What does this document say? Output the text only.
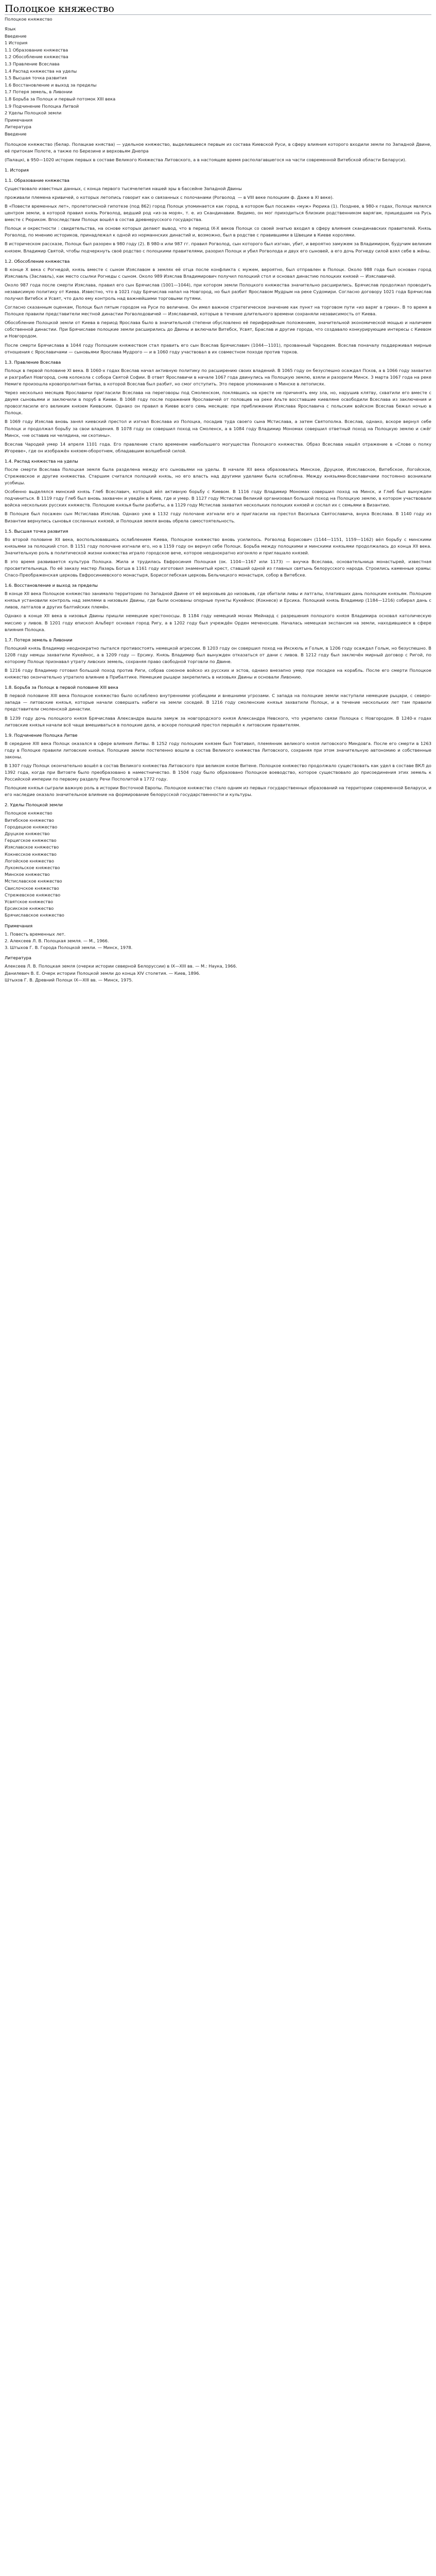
Полоцкое княжество
Полоцкое княжество
Язык
Введение
1 Истори‌я
1.1 Образование княжества
1.2 Обособление княжества
1.3 Правление Всеслава
1.4 Распад княжества на уделы
1.5 Высшая точка развития
1.6 Восстановление и выход за пределы
1.7 Потеря земель, в Ливонии
1.8 Борьба за Полоцк и первый потомок XIII века
1.9 Подчинение Полоцка Литвой
2 Уделы Полоцкой земли
Примечания
Литература
Введение

Полоцкое княжество (белар. Полацкае княства) — удельное княжество, выделившееся первым из состава Киевской Руси, в сферу влияния которого входили земли по Западной Двине, её притокам Полоте, а также по Березине и верховьям Днепра

(Палацкі, в 950—1020 историк первых в составе Великого Княжества Литовского, а в настоящее время располагавшегося на части современной Витебской области Беларуси).

1. История
1.1. Образование княжества

Существовало известных данных, с конца первого тысячелетия нашей эры в бассейне Западной Двины

проживали племена кривичей, о которых летопись говорит как о связанных с полочанами (Рогволод ⁠ — в VIII веке полоцким ф. Даже в XI веке).

В «Повести временных лет», пролетописной гипотезе (под 862) город Полоцк упоминается как город, в котором был посажен «муж» Рюрика (1). Позднее, в 980-х годах, Полоцк являлся центром земли, в которой правил князь Рогволод, ведший род «из-за моря», т. е. из Скандинавии. Видимо, он мог приходиться близким родственником варягам, пришедшим на Русь вместе с Рюриком. Впоследствии Полоцк вошёл в состав древнерусского государства.

Полоцк и окрестности : свидетельства, на основе которых делают вывод, что в период IX-X веков Полоцк со своей знатью входил в сферу влияния скандинавских правителей. Князь Рогволод, по мнению историков, принадлежал к одной из норманнских династий и, возможно, был в родстве с правившими в Швеции в Киеве королями.

В историческом рассказе, Полоцк был разорен в 980 году (2). В 980-х или 987 гг. правил Рогволод, сын которого был изгнан, убит, и вероятно замужем за Владимиром, будучим великим князем. Владимир Святой, чтобы подчеркнуть своё родство с полоцкими правителями, разорил Полоцк и убил Рогволода и двух его сыновей, а его дочь Рогнеду силой взял себе в жёны.

1.2. Обособление княжества

В конце X века с Рогнедой, князь вместе с сыном Изяславом в землях её отца после конфликта с мужем, вероятно, был отправлен в Полоцк. Около 988 года был основан город Изяславль (Заславль), как место ссылки Рогнеды с сыном. Около 989 Изяслав Владимирович получил полоцкий стол и основал династию полоцких князей — Изяславичей.

Около 987 года после смерти Изяслава, правил его сын Брячислав (1001—1044), при котором земли Полоцкого княжества значительно расширились. Брячислав продолжал проводить независимую политику от Киева. Известно, что в 1021 году Брячислав напал на Новгород, но был разбит Ярославом Мудрым на реке Судомири. Согласно договору 1021 года Брячислав получил Витебск и Усвят, что дало ему контроль над важнейшими торговыми путями.

Согласно сказанным оценкам, Полоцк был пятым городом на Руси по величине. Он имел важное стратегическое значение как пункт на торговом пути «из варяг в греки». В то время в Полоцке правили представители местной династии Рогволодовичей — Изяславичей, которые в течение длительного времени сохраняли независимость от Киева.

Обособление Полоцкой земли от Киева в период Ярослава было в значительной степени обусловлено её периферийным положением, значительной экономической мощью и наличием собственной династии. При Брячиславе полоцкие земли расширились до Двины и включали Витебск, Усвят, Браслав и другие города, что создавало конкурирующие интересы с Киевом и Новгородом.

После смерти Брячислава в 1044 году Полоцким княжеством стал править его сын Всеслав Брячиславич (1044—1101), прозванный Чародеем. Всеслав поначалу поддерживал мирные отношения с Ярославичами — сыновьями Ярослава Мудрого — и в 1060 году участвовал в их совместном походе против торков.

1.3. Правление Всеслава

Полоцк в первой половине XI века. В 1060-х годах Всеслав начал активную политику по расширению своих владений. В 1065 году он безуспешно осаждал Псков, а в 1066 году захватил и разграбил Новгород, сняв колокола с собора Святой Софии. В ответ Ярославичи в начале 1067 года двинулись на Полоцкую землю, взяли и разорили Минск. 3 марта 1067 года на реке Немиге произошла кровопролитная битва, в которой Всеслав был разбит, но смог отступить. Это первое упоминание о Минске в летописях.

Через несколько месяцев Ярославичи пригласили Всеслава на переговоры под Смоленском, поклявшись на кресте не причинять ему зла, но, нарушив клятву, схватили его вместе с двумя сыновьями и заключили в поруб в Киеве. В 1068 году после поражения Ярославичей от половцев на реке Альте восставшие киевляне освободили Всеслава из заключения и провозгласили его великим князем Киевским. Однако он правил в Киеве всего семь месяцев: при приближении Изяслава Ярославича с польским войском Всеслав бежал ночью в Полоцк.

В 1069 году Изяслав вновь занял киевский престол и изгнал Всеслава из Полоцка, посадив туда своего сына Мстислава, а затем Святополка. Всеслав, однако, вскоре вернул себе Полоцк и продолжал борьбу за свои владения. В 1078 году он совершил поход на Смоленск, а в 1084 году Владимир Мономах совершил ответный поход на Полоцкую землю и сжёг Минск, «не оставив ни челядина, ни скотины».

Всеслав Чародей умер 14 апреля 1101 года. Его правление стало временем наибольшего могущества Полоцкого княжества. Образ Всеслава нашёл отражение в «Слове о полку Игореве», где он изображён князем-оборотнем, обладавшим волшебной силой.

1.4. Распад княжества на уделы

После смерти Всеслава Полоцкая земля была разделена между его сыновьями на уделы. В начале XII века образовались Минское, Друцкое, Изяславское, Витебское, Логойское, Стрежевское и другие княжества. Старшим считался полоцкий князь, но его власть над другими уделами была ослаблена. Между князьями-Всеславичами постоянно возникали усобицы.

Особенно выделялся минский князь Глеб Всеславич, который вёл активную борьбу с Киевом. В 1116 году Владимир Мономах совершил поход на Минск, и Глеб был вынужден подчиниться. В 1119 году Глеб был вновь захвачен и уведён в Киев, где и умер. В 1127 году Мстислав Великий организовал большой поход на Полоцкую землю, в котором участвовали войска нескольких русских княжеств. Полоцкие князья были разбиты, а в 1129 году Мстислав захватил нескольких полоцких князей и сослал их с семьями в Византию.

В Полоцке был посажен сын Мстислава Изяслав. Однако уже в 1132 году полочане изгнали его и пригласили на престол Василька Святославича, внука Всеслава. В 1140 году из Византии вернулись сыновья сосланных князей, и Полоцкая земля вновь обрела самостоятельность.

1.5. Высшая точка развития

Во второй половине XII века, воспользовавшись ослаблением Киева, Полоцкое княжество вновь усилилось. Рогволод Борисович (1144—1151, 1159—1162) вёл борьбу с минскими князьями за полоцкий стол. В 1151 году полочане изгнали его, но в 1159 году он вернул себе Полоцк. Борьба между полоцкими и минскими князьями продолжалась до конца XII века. Значительную роль в политической жизни княжества играло городское вече, которое неоднократно изгоняло и приглашало князей.

В это время развивается культура Полоцка. Жила и трудилась Евфросиния Полоцкая (ок. 1104—1167 или 1173) — внучка Всеслава, основательница монастырей, известная просветительница. По её заказу мастер Лазарь Богша в 1161 году изготовил знаменитый крест, ставший одной из главных святынь белорусского народа. Строились каменные храмы: Спасо-Преображенская церковь Евфросиниевского монастыря, Борисоглебская церковь Бельчицкого монастыря, собор в Витебске.

1.6. Восстановление и выход за пределы

В конце XII века Полоцкое княжество занимало территорию по Западной Двине от её верховьев до низовьев, где обитали ливы и латгалы, плативших дань полоцким князьям. Полоцкие князья установили контроль над землями в низовьях Двины, где были основаны опорные пункты Кукейнос (Кокнесе) и Ерсика. Полоцкий князь Владимир (1184—1216) собирал дань с ливов, латгалов и других балтийских племён.

Однако в конце XII века в низовья Двины пришли немецкие крестоносцы. В 1184 году немецкий монах Мейнард с разрешения полоцкого князя Владимира основал католическую миссию у ливов. В 1201 году епископ Альберт основал город Ригу, а в 1202 году был учреждён Орден меченосцев. Началась немецкая экспансия на земли, находившиеся в сфере влияния Полоцка.

1.7. Потеря земель в Ливонии

Полоцкий князь Владимир неоднократно пытался противостоять немецкой агрессии. В 1203 году он совершил поход на Икскюль и Гольм, в 1206 году осаждал Гольм, но безуспешно. В 1208 году немцы захватили Кукейнос, а в 1209 году — Ерсику. Князь Владимир был вынужден отказаться от дани с ливов. В 1212 году был заключён мирный договор с Ригой, по которому Полоцк признавал утрату ливских земель, сохраняя право свободной торговли по Двине.

В 1216 году Владимир готовил большой поход против Риги, собрав союзное войско из русских и эстов, однако внезапно умер при посадке на корабль. После его смерти Полоцкое княжество окончательно утратило влияние в Прибалтике. Немецкие рыцари закрепились в низовьях Двины и основали Ливонию.

1.8. Борьба за Полоцк в первой половине XIII века

В первой половине XIII века Полоцкое княжество было ослаблено внутренними усобицами и внешними угрозами. С запада на полоцкие земли наступали немецкие рыцари, с северо-запада — литовские князья, которые начали совершать набеги на земли соседей. В 1216 году смоленские князья захватили Полоцк, и в течение нескольких лет там правили представители смоленской династии.

В 1239 году дочь полоцкого князя Брячислава Александра вышла замуж за новгородского князя Александра Невского, что укрепило связи Полоцка с Новгородом. В 1240-х годах литовские князья начали всё чаще вмешиваться в полоцкие дела, и вскоре полоцкий престол перешёл к литовским правителям.

1.9. Подчинение Полоцка Литве

В середине XIII века Полоцк оказался в сфере влияния Литвы. В 1252 году полоцким князем был Товтивил, племянник великого князя литовского Миндовга. После его смерти в 1263 году в Полоцке правили литовские князья. Полоцкие земли постепенно вошли в состав Великого княжества Литовского, сохраняя при этом значительную автономию и собственные законы.

В 1307 году Полоцк окончательно вошёл в состав Великого княжества Литовского при великом князе Витене. Полоцкое княжество продолжало существовать как удел в составе ВКЛ до 1392 года, когда при Витовте было преобразовано в наместничество. В 1504 году было образовано Полоцкое воеводство, которое существовало до присоединения этих земель к Российской империи по первому разделу Речи Посполитой в 1772 году.

Полоцкие князья сыграли важную роль в истории Восточной Европы. Полоцкое княжество стало одним из первых государственных образований на территории современной Беларуси, и его наследие оказало значительное влияние на формирование белорусской государственности и культуры.

2. Уделы Полоцкой земли
Полоцкое княжество
Витебское княжество
Городецкое княжество
Друцкое княжество
Герцигское княжество
Изяславское княжество
Кокнесское княжество
Логойское княжество
Лукомльское княжество
Минское княжество
Мстиславское княжество
Свислочское княжество
Стрежевское княжество
Усвятское княжество
Ерсикское княжество
Брячиславское княжество
Примечания
1. Повесть временных лет.
2. Алексеев Л. В. Полоцкая земля. — М., 1966.
3. Штыхов Г. В. Города Полоцкой земли. — Минск, 1978.
Литература
Алексеев Л. В. Полоцкая земля (очерки истории северной Белоруссии) в IX—XIII вв. — М.: Наука, 1966.
Данилевич В. Е. Очерк истории Полоцкой земли до конца XIV столетия. — Киев, 1896.
Штыхов Г. В. Древний Полоцк IX—XIII вв. — Минск, 1975.
